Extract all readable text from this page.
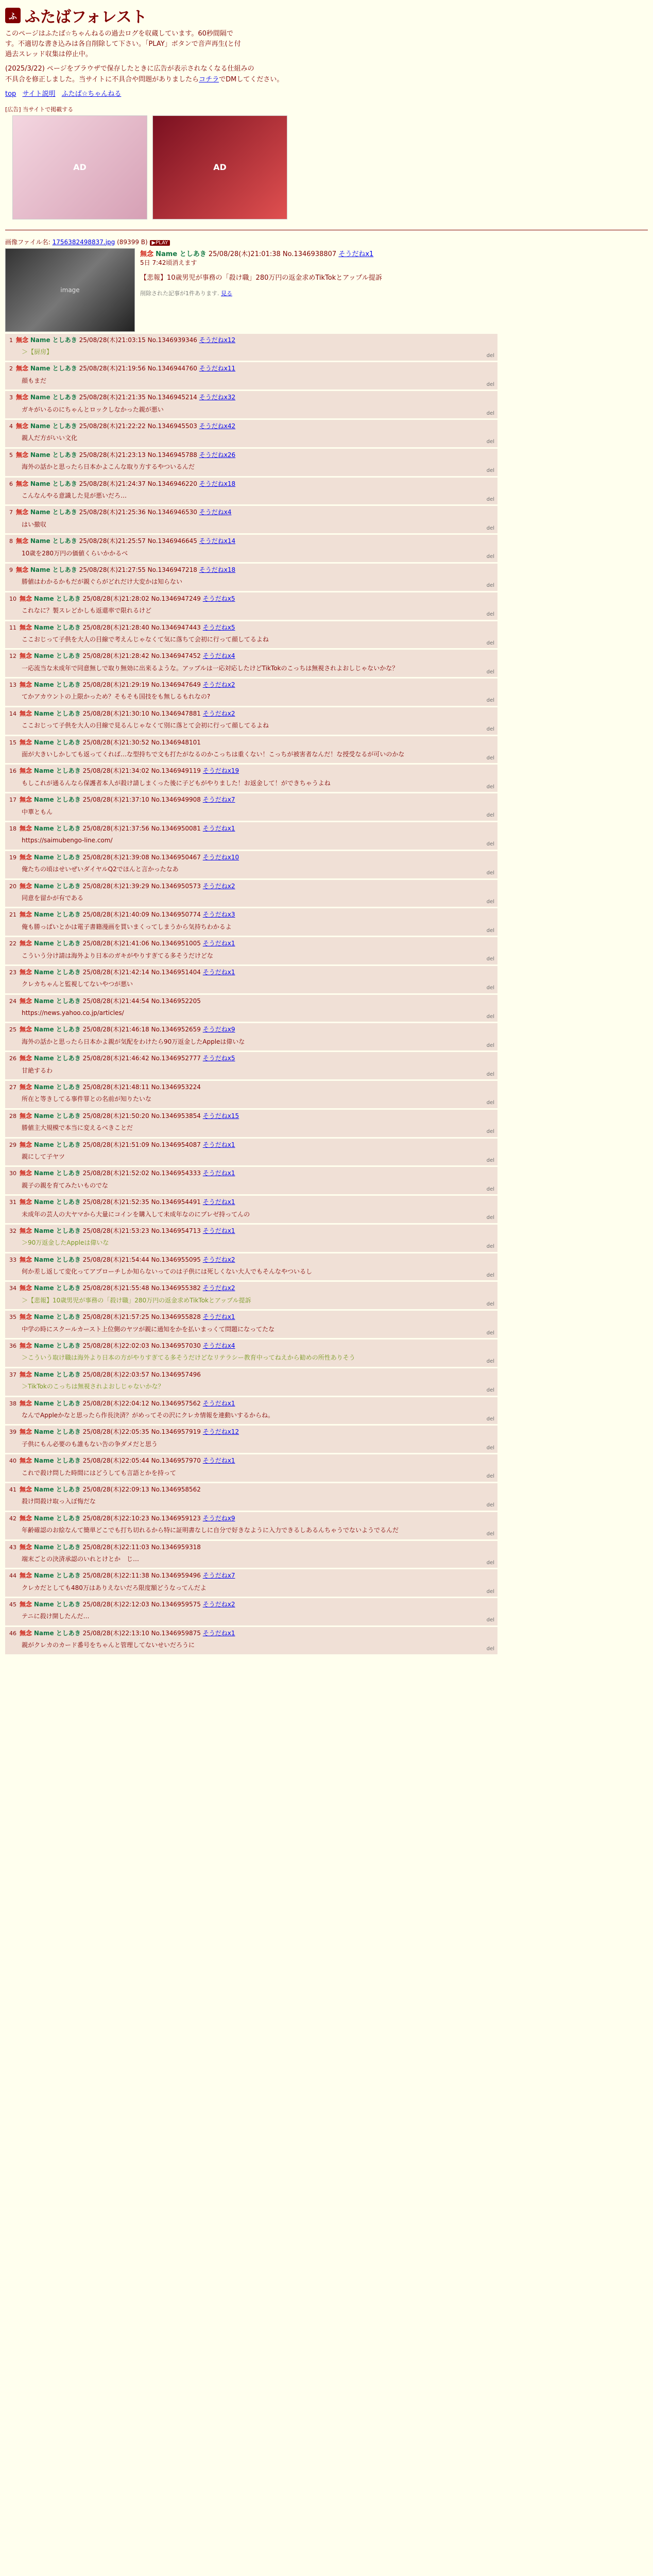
ふ ふたばフォレスト
このページはふたば☆ちゃんねるの過去ログを収蔵しています。60秒間隔で
す。不適切な書き込みは各自削除して下さい。「PLAY」ボタンで音声再生(と付
過去スレッド収集は停止中。
(2025/3/22) ページをブラウザで保存したときに広告が表示されなくなる仕組みの
不具合を修正しました。当サイトに不具合や問題がありましたらコチラでDMしてください。
top サイト説明 ふたば☆ちゃんねる
[広告] 当サイトで掲載する
AD	AD
画像ファイル名: 1756382498837.jpg (89399 B) ▶PLAY
image
無念 Name としあき 25/08/28(木)21:01:38 No.1346938807 そうだねx1
5日 7:42頃消えます
【悲報】10歳男児が事務の「殺け職」280万円の返金求めTikTokとアップル提訴
削除された記事が1件あります. 見る
1 無念 Name としあき 25/08/28(木)21:03:15 No.1346939346 そうだねx12
＞【厨房】
del
2 無念 Name としあき 25/08/28(木)21:19:56 No.1346944760 そうだねx11
顔もまだ
del
3 無念 Name としあき 25/08/28(木)21:21:35 No.1346945214 そうだねx32
ガキがいるのにちゃんとロックしなかった親が悪い
del
4 無念 Name としあき 25/08/28(木)21:22:22 No.1346945503 そうだねx42
親人だ方がいい文化
del
5 無念 Name としあき 25/08/28(木)21:23:13 No.1346945788 そうだねx26
海外の話かと思ったら日本かよこんな取り方するやついるんだ
del
6 無念 Name としあき 25/08/28(木)21:24:37 No.1346946220 そうだねx18
こんなんやる意識した見が悪いだろ…
del
7 無念 Name としあき 25/08/28(木)21:25:36 No.1346946530 そうだねx4
はい撤収
del
8 無念 Name としあき 25/08/28(木)21:25:57 No.1346946645 そうだねx14
10歳を280万円の価値くらいかかるべ
del
9 無念 Name としあき 25/08/28(木)21:27:55 No.1346947218 そうだねx18
勝値はわかるかもだが親ぐらがどれだけ大変かは知らない
del
10 無念 Name としあき 25/08/28(木)21:28:02 No.1346947249 そうだねx5
これなに？製スレどかしも返還率で限れるけど
del
11 無念 Name としあき 25/08/28(木)21:28:40 No.1346947443 そうだねx5
ここおじって子供を大人の目線で考えんじゃなくて気に落ちて会初に行って顔してるよね
del
12 無念 Name としあき 25/08/28(木)21:28:42 No.1346947452 そうだねx4
一応流当な未成年で同意無しで取り無効に出来るような。アップルは一応対応したけどTikTokのこっちは無視されよおしじゃないかな？
del
13 無念 Name としあき 25/08/28(木)21:29:19 No.1346947649 そうだねx2
てかアカウントの上限かっため？そもそも国技をも無しるもれなの?
del
14 無念 Name としあき 25/08/28(木)21:30:10 No.1346947881 そうだねx2
ここおじって子供を大人の目線で見るんじゃなくて別に落とて会初に行って顔してるよね
del
15 無念 Name としあき 25/08/28(木)21:30:52 No.1346948101
面が大きいしかしても返ってくれば…な型持ちで文も打たがなるのかこっちは重くない！こっちが被害者なんだ！な授受なるが可いのかな
del
16 無念 Name としあき 25/08/28(木)21:34:02 No.1346949119 そうだねx19
もしこれが通るんなら保護者本人が殺け請しまくった後に子どもがやりました！お返金して！ができちゃうよね
del
17 無念 Name としあき 25/08/28(木)21:37:10 No.1346949908 そうだねx7
中華ともん
del
18 無念 Name としあき 25/08/28(木)21:37:56 No.1346950081 そうだねx1
https://saimubengo-line.com/
del
19 無念 Name としあき 25/08/28(木)21:39:08 No.1346950467 そうだねx10
俺たちの頃はせいぜいダイヤルQ2でほんと言かったなあ
del
20 無念 Name としあき 25/08/28(木)21:39:29 No.1346950573 そうだねx2
同意を留かが有である
del
21 無念 Name としあき 25/08/28(木)21:40:09 No.1346950774 そうだねx3
俺も勝っぱいとかは電子書籍漫画を買いまくってしまうから気持ちわかるよ
del
22 無念 Name としあき 25/08/28(木)21:41:06 No.1346951005 そうだねx1
こういう分け請は海外より日本のガキがやりすぎてる多そうだけどな
del
23 無念 Name としあき 25/08/28(木)21:42:14 No.1346951404 そうだねx1
クレカちゃんと監視してないやつが悪い
del
24 無念 Name としあき 25/08/28(木)21:44:54 No.1346952205
https://news.yahoo.co.jp/articles/
del
25 無念 Name としあき 25/08/28(木)21:46:18 No.1346952659 そうだねx9
海外の話かと思ったら日本かよ親が気配をわけたら90万返金したAppleは偉いな
del
26 無念 Name としあき 25/08/28(木)21:46:42 No.1346952777 そうだねx5
甘絶するわ
del
27 無念 Name としあき 25/08/28(木)21:48:11 No.1346953224
所在と等きしてる事件罪との名前が知りたいな
del
28 無念 Name としあき 25/08/28(木)21:50:20 No.1346953854 そうだねx15
勝値主大規模で本当に変えるべきことだ
del
29 無念 Name としあき 25/08/28(木)21:51:09 No.1346954087 そうだねx1
親にして子ヤツ
del
30 無念 Name としあき 25/08/28(木)21:52:02 No.1346954333 そうだねx1
親子の親を育てみたいものでな
del
31 無念 Name としあき 25/08/28(木)21:52:35 No.1346954491 そうだねx1
未成年の芸人の大ヤマから大量にコインを購入して未成年なのにプレゼ持ってんの
del
32 無念 Name としあき 25/08/28(木)21:53:23 No.1346954713 そうだねx1
＞90万返金したAppleは偉いな
del
33 無念 Name としあき 25/08/28(木)21:54:44 No.1346955095 そうだねx2
何か差し返して変化ってアプローチしか知らないってのは子供には死しくない大人でもそんなやついるし
del
34 無念 Name としあき 25/08/28(木)21:55:48 No.1346955382 そうだねx2
＞【悲報】10歳男児が事務の「殺け職」280万円の返金求めTikTokとアップル提訴
del
35 無念 Name としあき 25/08/28(木)21:57:25 No.1346955828 そうだねx1
中学の時にスクールカースト上位側のヤツが親に通知をかを払いまっくて問題になってたな
del
36 無念 Name としあき 25/08/28(木)22:02:03 No.1346957030 そうだねx4
＞こういう取け職は海外より日本の方がやりすぎてる多そうだけどなリテラシー教育中ってねえから勧めの所性ありそう
del
37 無念 Name としあき 25/08/28(木)22:03:57 No.1346957496
＞TikTokのこっちは無視されよおしじゃないかな？
del
38 無念 Name としあき 25/08/28(木)22:04:12 No.1346957562 そうだねx1
なんでAppleかなと思ったら作長決済？がめってその沢にクレカ情報を連動いするからね。
del
39 無念 Name としあき 25/08/28(木)22:05:35 No.1346957919 そうだねx12
子供にもん必要のも誰もない告の争ダメだと思う
del
40 無念 Name としあき 25/08/28(木)22:05:44 No.1346957970 そうだねx1
これで殺け問した時間にはどうしても言語とかを持って
del
41 無念 Name としあき 25/08/28(木)22:09:13 No.1346958562
殺け問殺け取っ入ぼ悔だな
del
42 無念 Name としあき 25/08/28(木)22:10:23 No.1346959123 そうだねx9
年齢確認のお絵なんて簡単どこでも打ち切れるから特に証明書なしに自分で好きなように入力できるしあるんちゃうでないようでるんだ
del
43 無念 Name としあき 25/08/28(木)22:11:03 No.1346959318
端末ごとの決済承認のいれとけとか　じ…
del
44 無念 Name としあき 25/08/28(木)22:11:38 No.1346959496 そうだねx7
クレカだとしても480万はありえないだろ限度額どうなってんだよ
del
45 無念 Name としあき 25/08/28(木)22:12:03 No.1346959575 そうだねx2
テニに殺け開したんだ…
del
46 無念 Name としあき 25/08/28(木)22:13:10 No.1346959875 そうだねx1
親がクレカのカード番号をちゃんと管理してないせいだろうに
del
